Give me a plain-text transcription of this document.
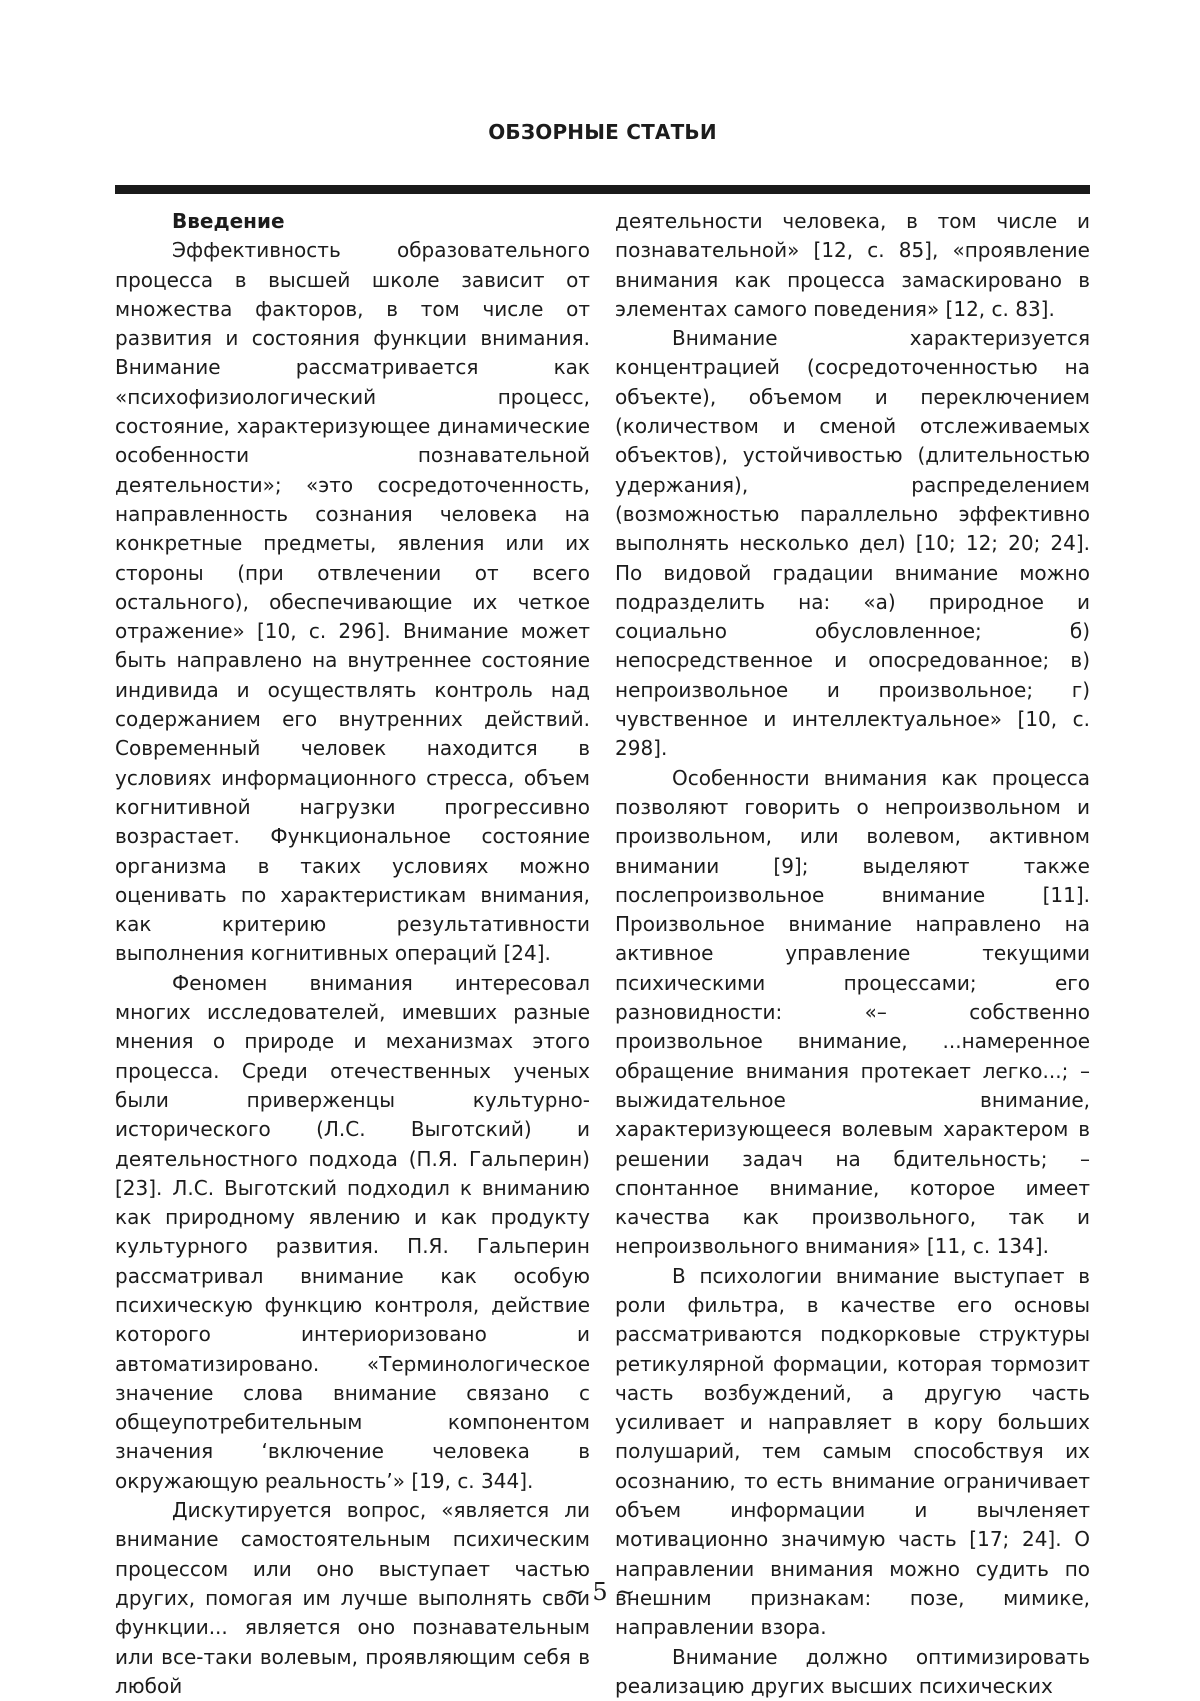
ОБЗОРНЫЕ СТАТЬИ
Введение

Эффективность образовательного процесса в высшей школе зависит от множества факторов, в том числе от развития и состояния функции внимания. Внимание рассматривается как «психофизиологический процесс, состояние, характеризующее динамические особенности познавательной деятельности»; «это сосредоточенность, направленность сознания человека на конкретные предметы, явления или их стороны (при отвлечении от всего остального), обеспечивающие их четкое отражение» [10, с. 296]. Внимание может быть направлено на внутреннее состояние индивида и осуществлять контроль над содержанием его внутренних действий. Современный человек находится в условиях информационного стресса, объем когнитивной нагрузки прогрессивно возрастает. Функциональное состояние организма в таких условиях можно оценивать по характеристикам внимания, как критерию результативности выполнения когнитивных операций [24].

Феномен внимания интересовал многих исследователей, имевших разные мнения о природе и механизмах этого процесса. Среди отечественных ученых были приверженцы культурно-исторического (Л.С. Выготский) и деятельностного подхода (П.Я. Гальперин) [23]. Л.С. Выготский подходил к вниманию как природному явлению и как продукту культурного развития. П.Я. Гальперин рассматривал внимание как особую психическую функцию контроля, действие которого интериоризовано и автоматизировано. «Терминологическое значение слова внимание связано с общеупотребительным компонентом значения ‘включение человека в окружающую реальность’» [19, с. 344].

Дискутируется вопрос, «является ли внимание самостоятельным психическим процессом или оно выступает частью других, помогая им лучше выполнять свои функции... является оно познавательным или все-таки волевым, проявляющим себя в любой

деятельности человека, в том числе и познавательной» [12, с. 85], «проявление внимания как процесса замаскировано в элементах самого поведения» [12, с. 83].

Внимание характеризуется концентрацией (сосредоточенностью на объекте), объемом и переключением (количеством и сменой отслеживаемых объектов), устойчивостью (длительностью удержания), распределением (возможностью параллельно эффективно выполнять несколько дел) [10; 12; 20; 24]. По видовой градации внимание можно подразделить на: «а) природное и социально обусловленное; б) непосредственное и опосредованное; в) непроизвольное и произвольное; г) чувственное и интеллектуальное» [10, с. 298].

Особенности внимания как процесса позволяют говорить о непроизвольном и произвольном, или волевом, активном внимании [9]; выделяют также послепроизвольное внимание [11]. Произвольное внимание направлено на активное управление текущими психическими процессами; его разновидности: «– собственно произвольное внимание, ...намеренное обращение внимания протекает легко...; – выжидательное внимание, характеризующееся волевым характером в решении задач на бдительность; – спонтанное внимание, которое имеет качества как произвольного, так и непроизвольного внимания» [11, с. 134].

В психологии внимание выступает в роли фильтра, в качестве его основы рассматриваются подкорковые структуры ретикулярной формации, которая тормозит часть возбуждений, а другую часть усиливает и направляет в кору больших полушарий, тем самым способствуя их осознанию, то есть внимание ограничивает объем информации и вычленяет мотивационно значимую часть [17; 24]. О направлении внимания можно судить по внешним признакам: позе, мимике, направлении взора.

Внимание должно оптимизировать реализацию других высших психических

~ 5 ~
